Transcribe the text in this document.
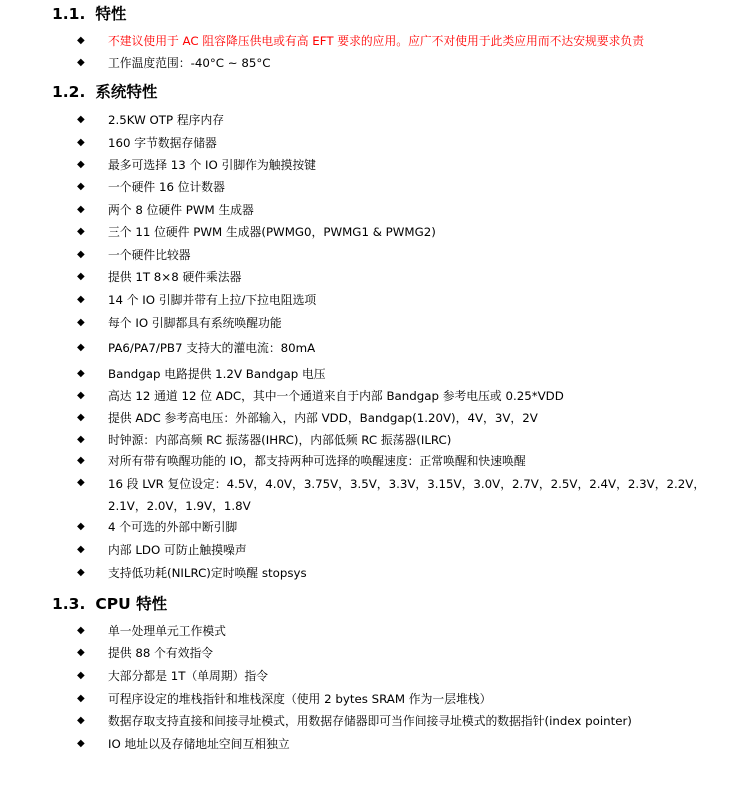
1.1. 特性
◆ 不建议使用于 AC 阻容降压供电或有高 EFT 要求的应用。应广不对使用于此类应用而不达安规要求负责
◆ 工作温度范围：-40°C ~ 85°C
1.2. 系统特性
◆ 2.5KW OTP 程序内存
◆ 160 字节数据存储器
◆ 最多可选择 13 个 IO 引脚作为触摸按键
◆ 一个硬件 16 位计数器
◆ 两个 8 位硬件 PWM 生成器
◆ 三个 11 位硬件 PWM 生成器(PWMG0，PWMG1 & PWMG2)
◆ 一个硬件比较器
◆ 提供 1T 8×8 硬件乘法器
◆ 14 个 IO 引脚并带有上拉/下拉电阻选项
◆ 每个 IO 引脚都具有系统唤醒功能
◆ PA6/PA7/PB7 支持大的灌电流：80mA
◆ Bandgap 电路提供 1.2V Bandgap 电压
◆ 高达 12 通道 12 位 ADC，其中一个通道来自于内部 Bandgap 参考电压或 0.25*VDD
◆ 提供 ADC 参考高电压：外部输入，内部 VDD，Bandgap(1.20V)，4V，3V，2V
◆ 时钟源：内部高频 RC 振荡器(IHRC)，内部低频 RC 振荡器(ILRC)
◆ 对所有带有唤醒功能的 IO，都支持两种可选择的唤醒速度：正常唤醒和快速唤醒
◆ 16 段 LVR 复位设定：4.5V，4.0V，3.75V，3.5V，3.3V，3.15V，3.0V，2.7V，2.5V，2.4V，2.3V，2.2V，2.1V，2.0V，1.9V，1.8V
◆ 4 个可选的外部中断引脚
◆ 内部 LDO 可防止触摸噪声
◆ 支持低功耗(NILRC)定时唤醒 stopsys
1.3. CPU 特性
◆ 单一处理单元工作模式
◆ 提供 88 个有效指令
◆ 大部分都是 1T（单周期）指令
◆ 可程序设定的堆栈指针和堆栈深度（使用 2 bytes SRAM 作为一层堆栈）
◆ 数据存取支持直接和间接寻址模式，用数据存储器即可当作间接寻址模式的数据指针(index pointer)
◆ IO 地址以及存储地址空间互相独立
